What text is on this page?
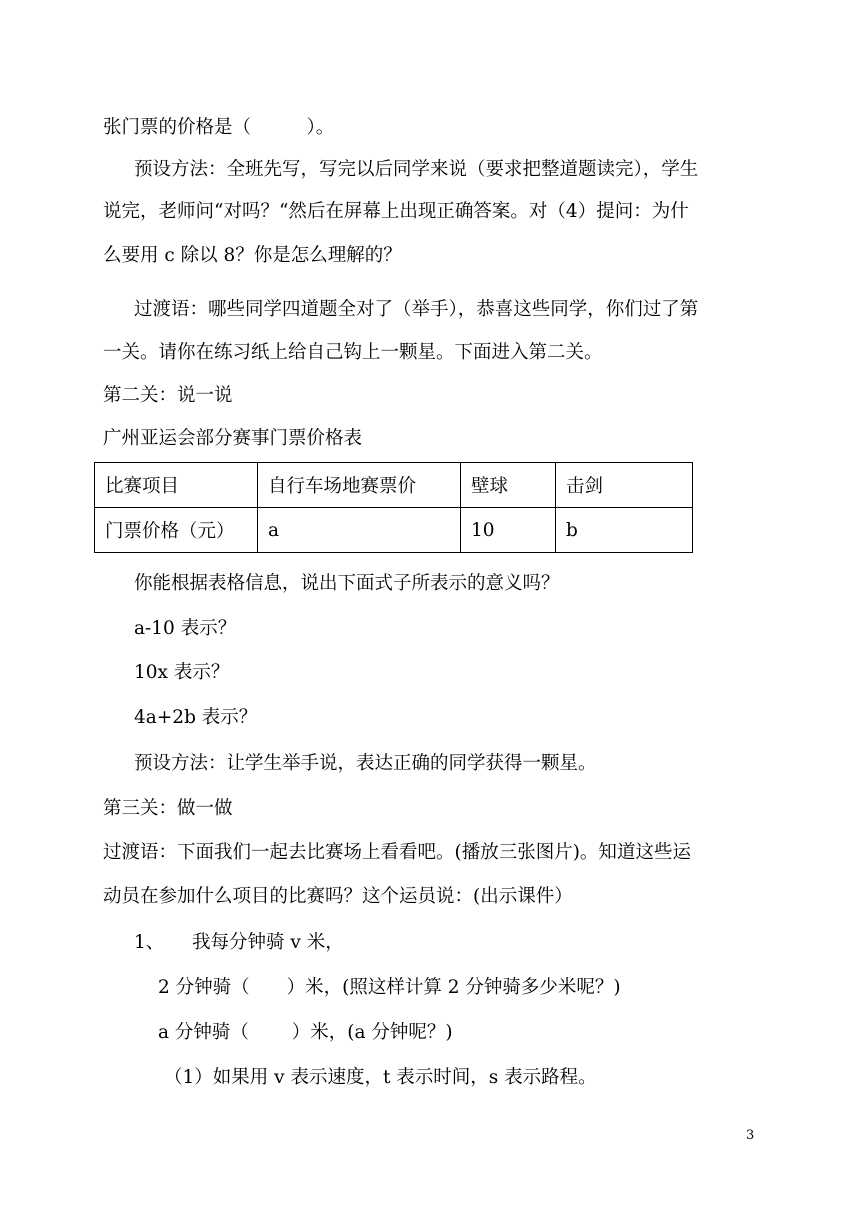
张门票的价格是（　　　）。
预设方法：全班先写，写完以后同学来说（要求把整道题读完），学生
说完，老师问“对吗？“然后在屏幕上出现正确答案。对（4）提问：为什
么要用 c 除以 8？你是怎么理解的？
过渡语：哪些同学四道题全对了（举手），恭喜这些同学，你们过了第
一关。请你在练习纸上给自己钩上一颗星。下面进入第二关。
第二关：说一说
广州亚运会部分赛事门票价格表
比赛项目	自行车场地赛票价	壁球	击剑
门票价格（元）	a	10	b
你能根据表格信息，说出下面式子所表示的意义吗？
a-10 表示？
10x 表示？
4a+2b 表示？
预设方法：让学生举手说，表达正确的同学获得一颗星。
第三关：做一做
过渡语：下面我们一起去比赛场上看看吧。(播放三张图片)。知道这些运
动员在参加什么项目的比赛吗？这个运员说：(出示课件）
1、　　我每分钟骑 v 米，
2 分钟骑（　　）米，(照这样计算 2 分钟骑多少米呢？)
a 分钟骑（　　 ）米，(a 分钟呢？)
（1）如果用 v 表示速度，t 表示时间，s 表示路程。
3
